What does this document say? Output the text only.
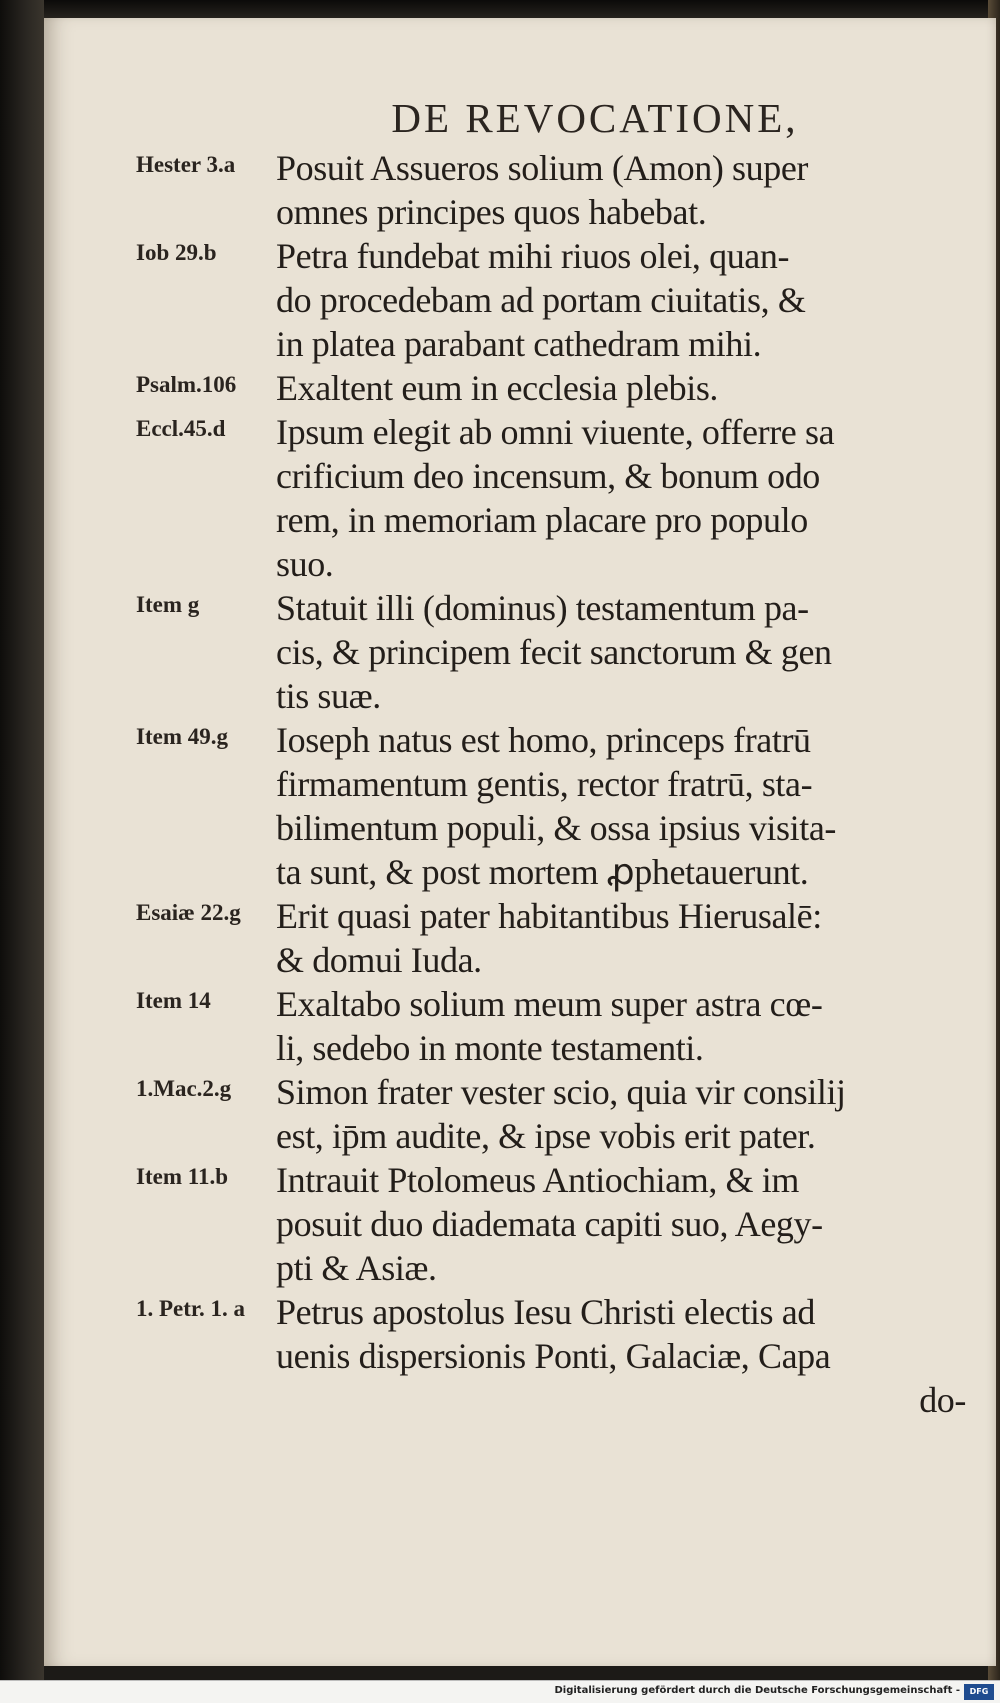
DE REVOCATIONE,
Hester 3.a	Posuit Assueros solium (Amon) super
omnes principes quos habebat.
Iob 29.b	Petra fundebat mihi riuos olei, quan-
do procedebam ad portam ciuitatis, &
in platea parabant cathedram mihi.
Psalm.106	Exaltent eum in ecclesia plebis.
Eccl.45.d	Ipsum elegit ab omni viuente, offerre sa
crificium deo incensum, & bonum odo
rem, in memoriam placare pro populo
suo.
Item g	Statuit illi (dominus) testamentum pa-
cis, & principem fecit sanctorum & gen
tis suæ.
Item 49.g	Ioseph natus est homo, princeps fratrū
firmamentum gentis, rector fratrū, sta-
bilimentum populi, & ossa ipsius visita-
ta sunt, & post mortem ꝓphetauerunt.
Esaiæ 22.g Erit quasi pater habitantibus Hierusalē:
& domui Iuda.
Item 14	Exaltabo solium meum super astra cœ-
li, sedebo in monte testamenti.
1.Mac.2.g	Simon frater vester scio, quia vir consilij
est, ip̄m audite, & ipse vobis erit pater.
Item 11.b	Intrauit Ptolomeus Antiochiam, & im
posuit duo diademata capiti suo, Aegy-
pti & Asiæ.
1. Petr. 1. a Petrus apostolus Iesu Christi electis ad
uenis dispersionis Ponti, Galaciæ, Capa
do-
Digitalisierung gefördert durch die Deutsche Forschungsgemeinschaft -	DFG
